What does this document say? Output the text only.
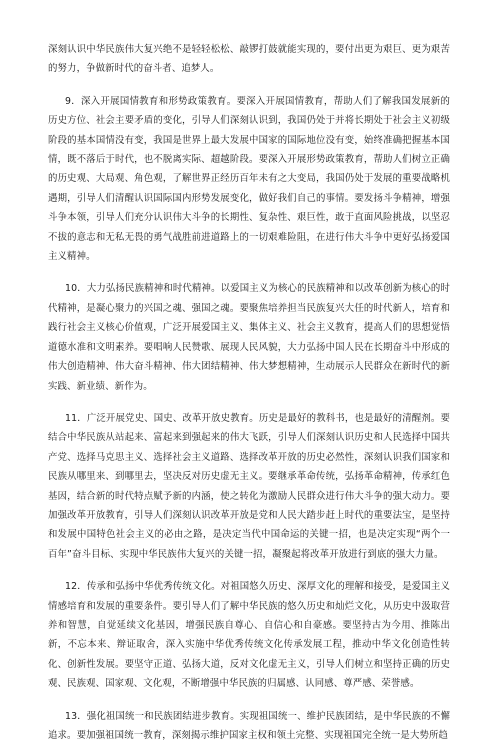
深刻认识中华民族伟大复兴绝不是轻轻松松、敲锣打鼓就能实现的，要付出更为艰巨、更为艰苦的努力，争做新时代的奋斗者、追梦人。

9．深入开展国情教育和形势政策教育。要深入开展国情教育，帮助人们了解我国发展新的历史方位、社会主要矛盾的变化，引导人们深刻认识到，我国仍处于并将长期处于社会主义初级阶段的基本国情没有变，我国是世界上最大发展中国家的国际地位没有变，始终准确把握基本国情，既不落后于时代，也不脱离实际、超越阶段。要深入开展形势政策教育，帮助人们树立正确的历史观、大局观、角色观，了解世界正经历百年未有之大变局，我国仍处于发展的重要战略机遇期，引导人们清醒认识国际国内形势发展变化，做好我们自己的事情。要发扬斗争精神，增强斗争本领，引导人们充分认识伟大斗争的长期性、复杂性、艰巨性，敢于直面风险挑战，以坚忍不拔的意志和无私无畏的勇气战胜前进道路上的一切艰难险阻，在进行伟大斗争中更好弘扬爱国主义精神。

10．大力弘扬民族精神和时代精神。以爱国主义为核心的民族精神和以改革创新为核心的时代精神，是凝心聚力的兴国之魂、强国之魂。要聚焦培养担当民族复兴大任的时代新人，培育和践行社会主义核心价值观，广泛开展爱国主义、集体主义、社会主义教育，提高人们的思想觉悟道德水准和文明素养。要唱响人民赞歌、展现人民风貌，大力弘扬中国人民在长期奋斗中形成的伟大创造精神、伟大奋斗精神、伟大团结精神、伟大梦想精神，生动展示人民群众在新时代的新实践、新业绩、新作为。

11．广泛开展党史、国史、改革开放史教育。历史是最好的教科书，也是最好的清醒剂。要结合中华民族从站起来、富起来到强起来的伟大飞跃，引导人们深刻认识历史和人民选择中国共产党、选择马克思主义、选择社会主义道路、选择改革开放的历史必然性，深刻认识我们国家和民族从哪里来、到哪里去，坚决反对历史虚无主义。要继承革命传统，弘扬革命精神，传承红色基因，结合新的时代特点赋予新的内涵，使之转化为激励人民群众进行伟大斗争的强大动力。要加强改革开放教育，引导人们深刻认识改革开放是党和人民大踏步赶上时代的重要法宝，是坚持和发展中国特色社会主义的必由之路，是决定当代中国命运的关键一招，也是决定实现“两个一百年”奋斗目标、实现中华民族伟大复兴的关键一招，凝聚起将改革开放进行到底的强大力量。

12．传承和弘扬中华优秀传统文化。对祖国悠久历史、深厚文化的理解和接受，是爱国主义情感培育和发展的重要条件。要引导人们了解中华民族的悠久历史和灿烂文化，从历史中汲取营养和智慧，自觉延续文化基因，增强民族自尊心、自信心和自豪感。要坚持古为今用、推陈出新，不忘本来、辩证取舍，深入实施中华优秀传统文化传承发展工程，推动中华文化创造性转化、创新性发展。要坚守正道、弘扬大道，反对文化虚无主义，引导人们树立和坚持正确的历史观、民族观、国家观、文化观，不断增强中华民族的归属感、认同感、尊严感、荣誉感。

13．强化祖国统一和民族团结进步教育。实现祖国统一、维护民族团结，是中华民族的不懈追求。要加强祖国统一教育，深刻揭示维护国家主权和领土完整、实现祖国完全统一是大势所趋
